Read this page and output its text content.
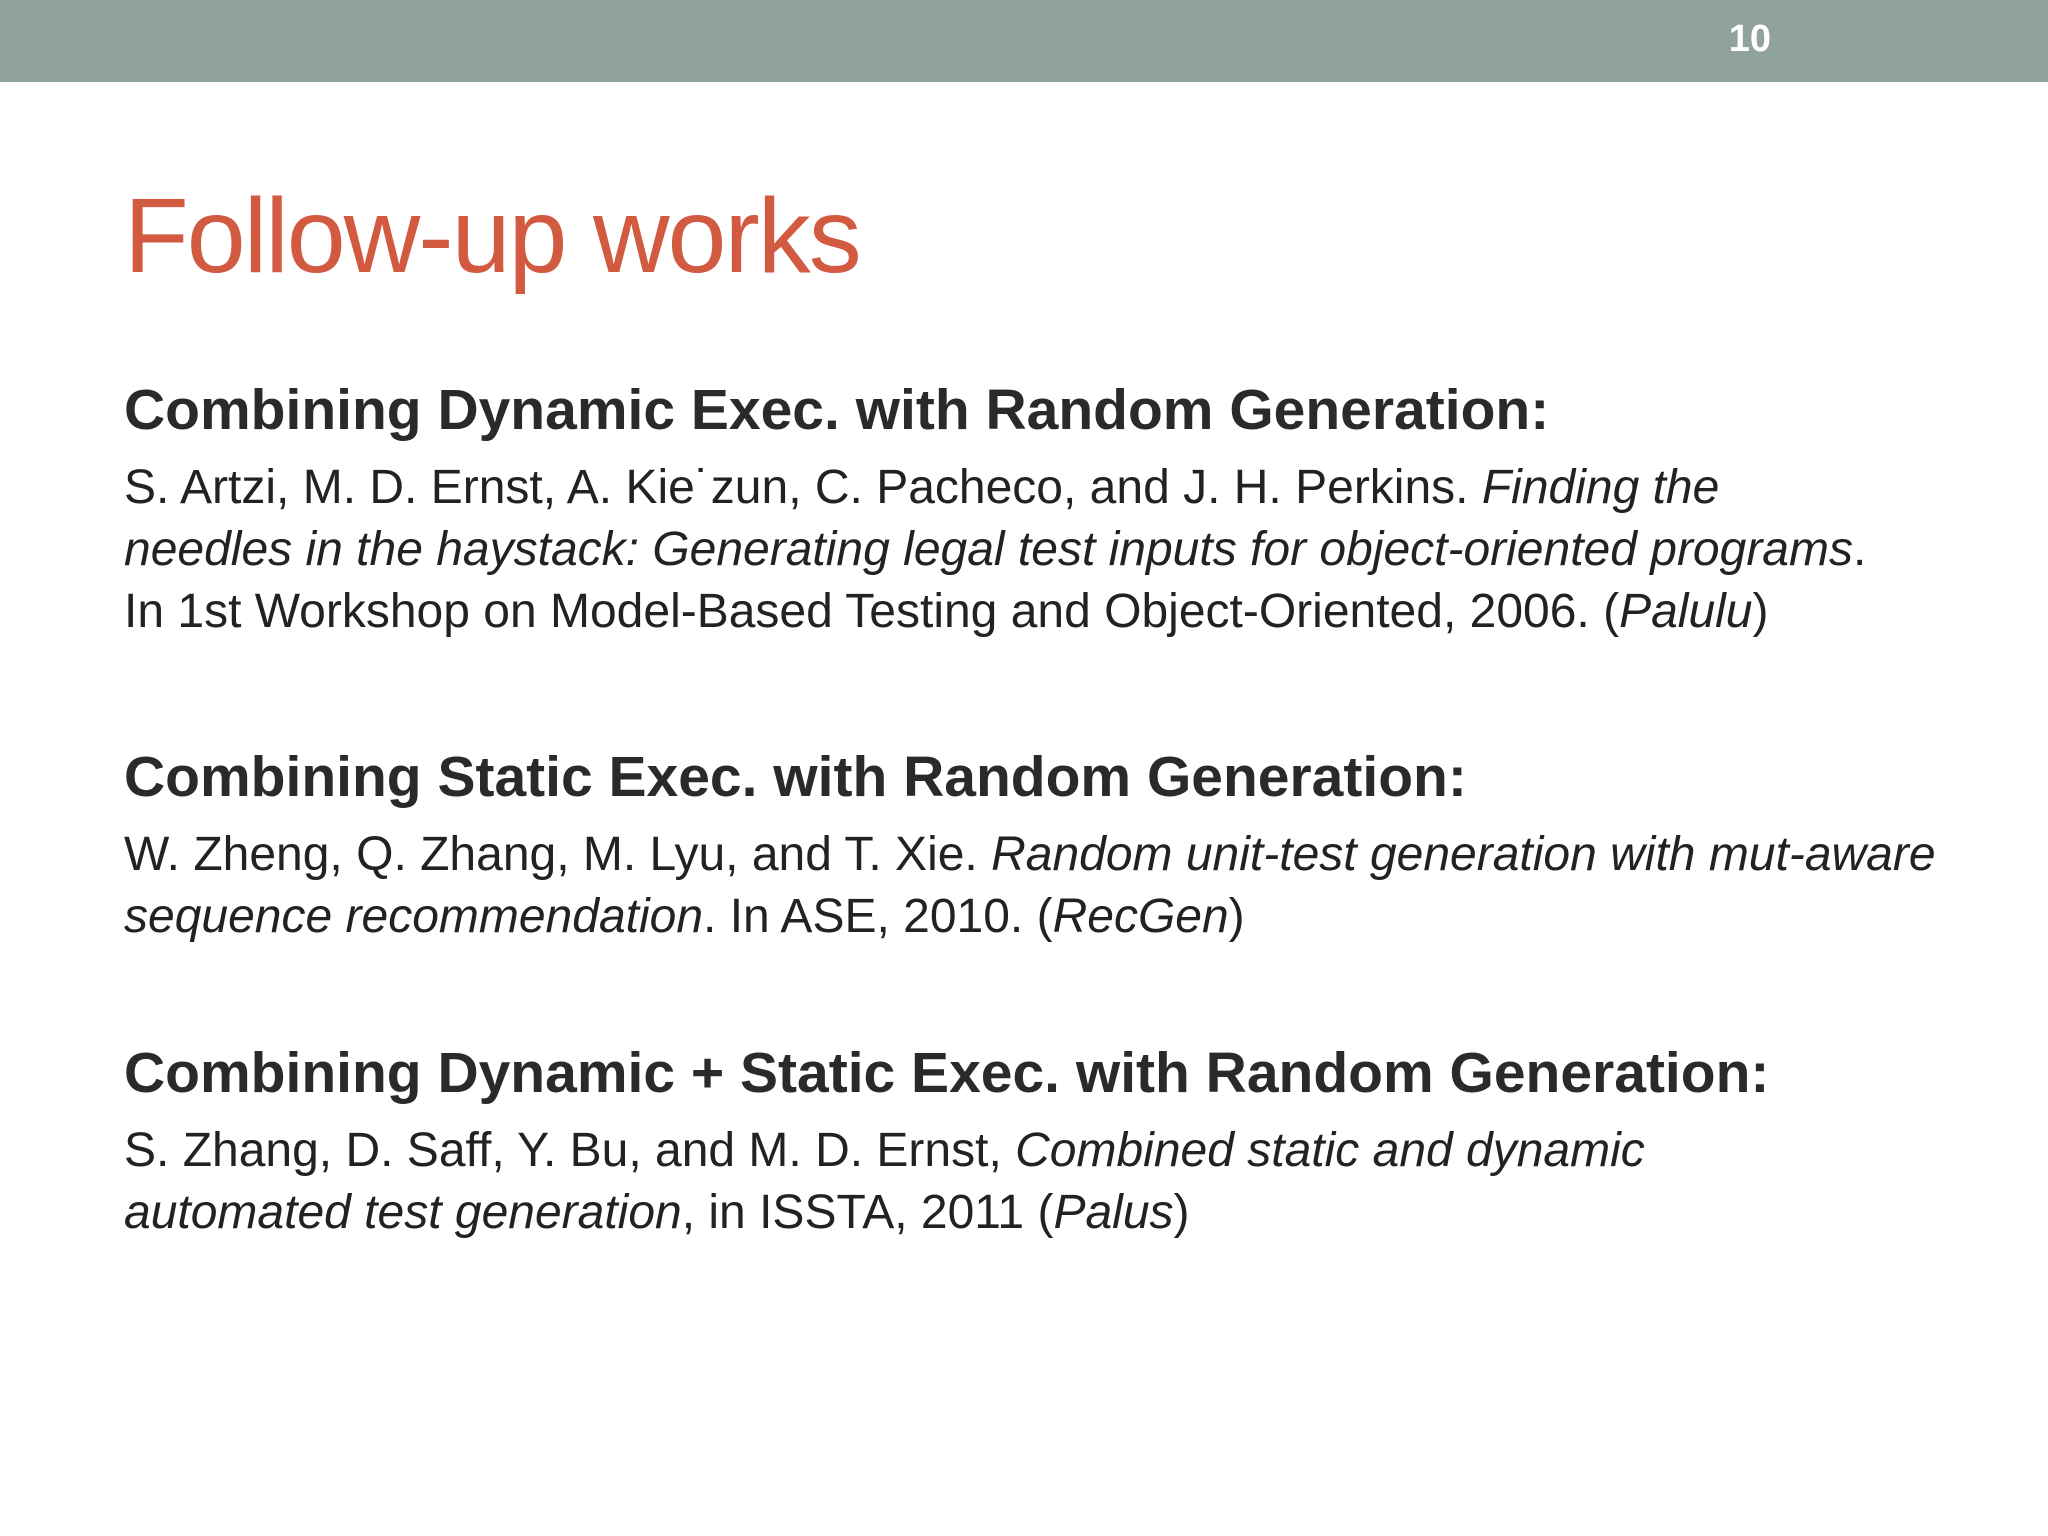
10
Follow-up works
Combining Dynamic Exec. with Random Generation:

S. Artzi, M. D. Ernst, A. Kie˙zun, C. Pacheco, and J. H. Perkins. Finding the needles in the haystack: Generating legal test inputs for object-oriented programs. In 1st Workshop on Model-Based Testing and Object-Oriented, 2006. (Palulu)

Combining Static Exec. with Random Generation:

W. Zheng, Q. Zhang, M. Lyu, and T. Xie. Random unit-test generation with mut-aware sequence recommendation. In ASE, 2010. (RecGen)

Combining Dynamic + Static Exec. with Random Generation:

S. Zhang, D. Saff, Y. Bu, and M. D. Ernst, Combined static and dynamic automated test generation, in ISSTA, 2011 (Palus)
